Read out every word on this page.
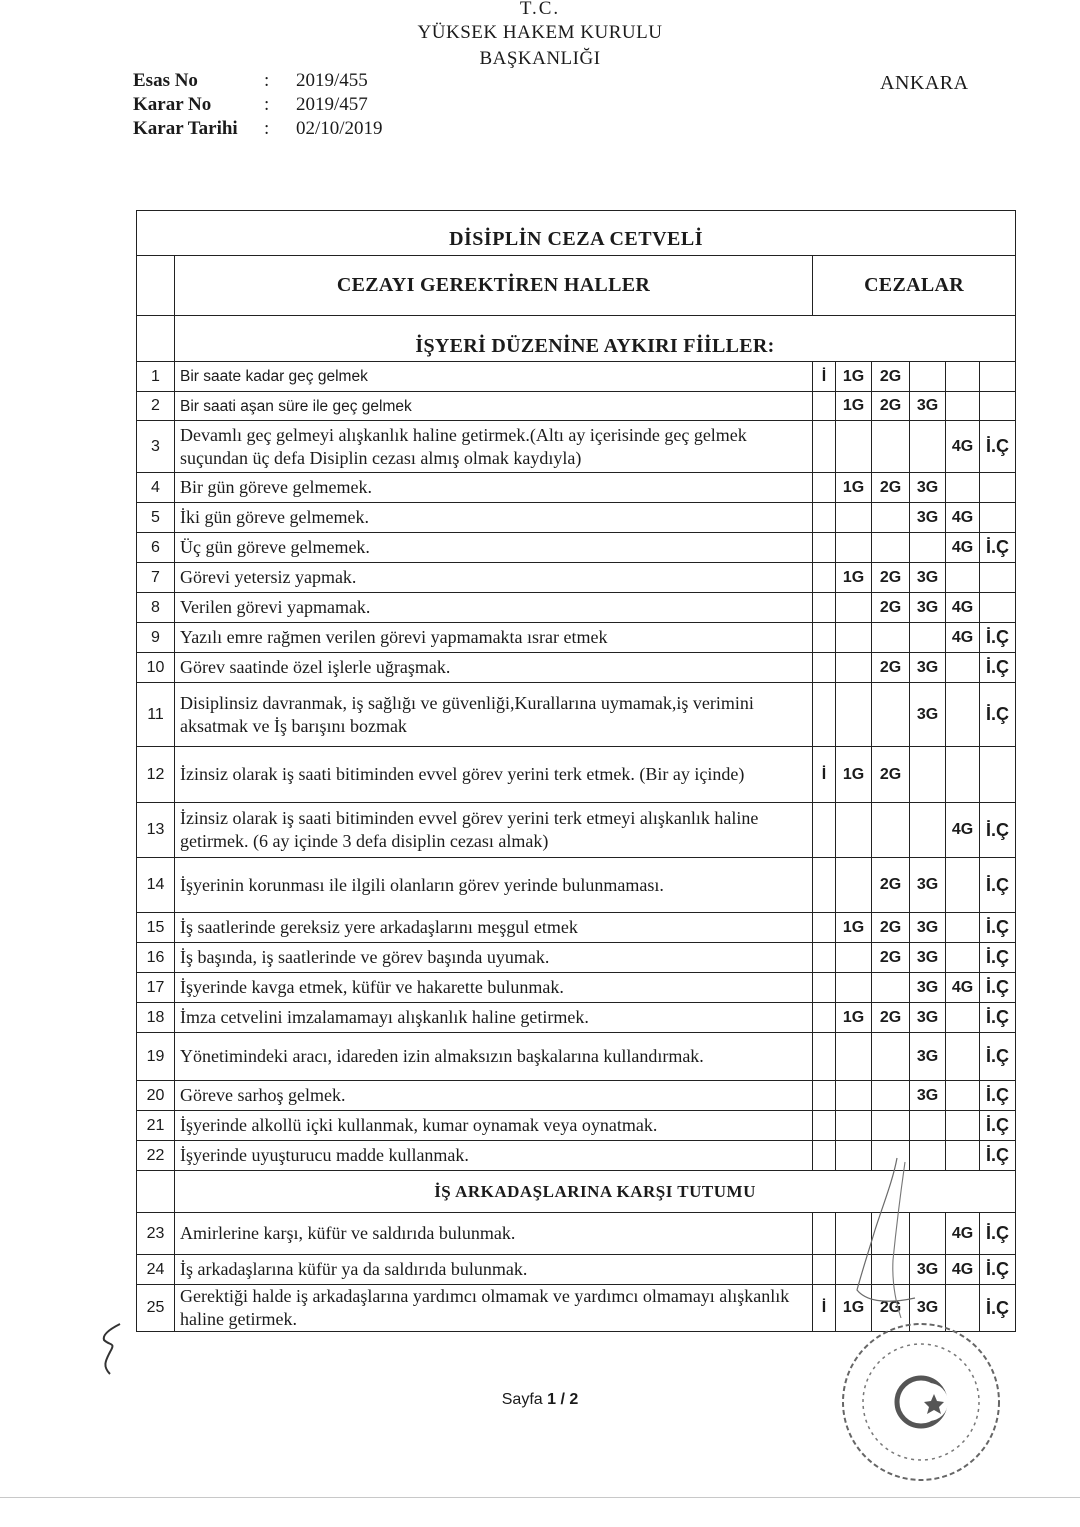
T.C.
YÜKSEK HAKEM KURULU
BAŞKANLIĞI
ANKARA
Esas No	: 2019/455
Karar No	: 2019/457
Karar Tarihi : 02/10/2019
DİSİPLİN CEZA CETVELİ							
	CEZAYI GEREKTİREN HALLER	CEZALAR					
	İŞYERİ DÜZENİNE AYKIRI FİİLLER:						
1	Bir saate kadar geç gelmek	İ	1G	2G			
2	Bir saati aşan süre ile geç gelmek		1G	2G	3G		
3	Devamlı geç gelmeyi alışkanlık haline getirmek.(Altı ay içerisinde geç gelmek suçundan üç defa Disiplin cezası almış olmak kaydıyla)					4G	İ.Ç
4	Bir gün göreve gelmemek.		1G	2G	3G		
5	İki gün göreve gelmemek.				3G	4G	
6	Üç gün göreve gelmemek.					4G	İ.Ç
7	Görevi yetersiz yapmak.		1G	2G	3G		
8	Verilen görevi yapmamak.			2G	3G	4G	
9	Yazılı emre rağmen verilen görevi yapmamakta ısrar etmek					4G	İ.Ç
10	Görev saatinde özel işlerle uğraşmak.			2G	3G		İ.Ç
11	Disiplinsiz davranmak, iş sağlığı ve güvenliği,Kurallarına uymamak,iş verimini aksatmak ve İş barışını bozmak				3G		İ.Ç
12	İzinsiz olarak iş saati bitiminden evvel görev yerini terk etmek. (Bir ay içinde)	İ	1G	2G			
13	İzinsiz olarak iş saati bitiminden evvel görev yerini terk etmeyi alışkanlık haline getirmek. (6 ay içinde 3 defa disiplin cezası almak)					4G	İ.Ç
14	İşyerinin korunması ile ilgili olanların görev yerinde bulunmaması.			2G	3G		İ.Ç
15	İş saatlerinde gereksiz yere arkadaşlarını meşgul etmek		1G	2G	3G		İ.Ç
16	İş başında, iş saatlerinde ve görev başında uyumak.			2G	3G		İ.Ç
17	İşyerinde kavga etmek, küfür ve hakarette bulunmak.				3G	4G	İ.Ç
18	İmza cetvelini imzalamamayı alışkanlık haline getirmek.		1G	2G	3G		İ.Ç
19	Yönetimindeki aracı, idareden izin almaksızın başkalarına kullandırmak.				3G		İ.Ç
20	Göreve sarhoş gelmek.				3G		İ.Ç
21	İşyerinde alkollü içki kullanmak, kumar oynamak veya oynatmak.						İ.Ç
22	İşyerinde uyuşturucu madde kullanmak.						İ.Ç
	İŞ ARKADAŞLARINA KARŞI TUTUMU						
23	Amirlerine karşı, küfür ve saldırıda bulunmak.					4G	İ.Ç
24	İş arkadaşlarına küfür ya da saldırıda bulunmak.				3G	4G	İ.Ç
25	Gerektiği halde iş arkadaşlarına yardımcı olmamak ve yardımcı olmamayı alışkanlık haline getirmek.	İ	1G	2G	3G		İ.Ç
Sayfa 1 / 2
